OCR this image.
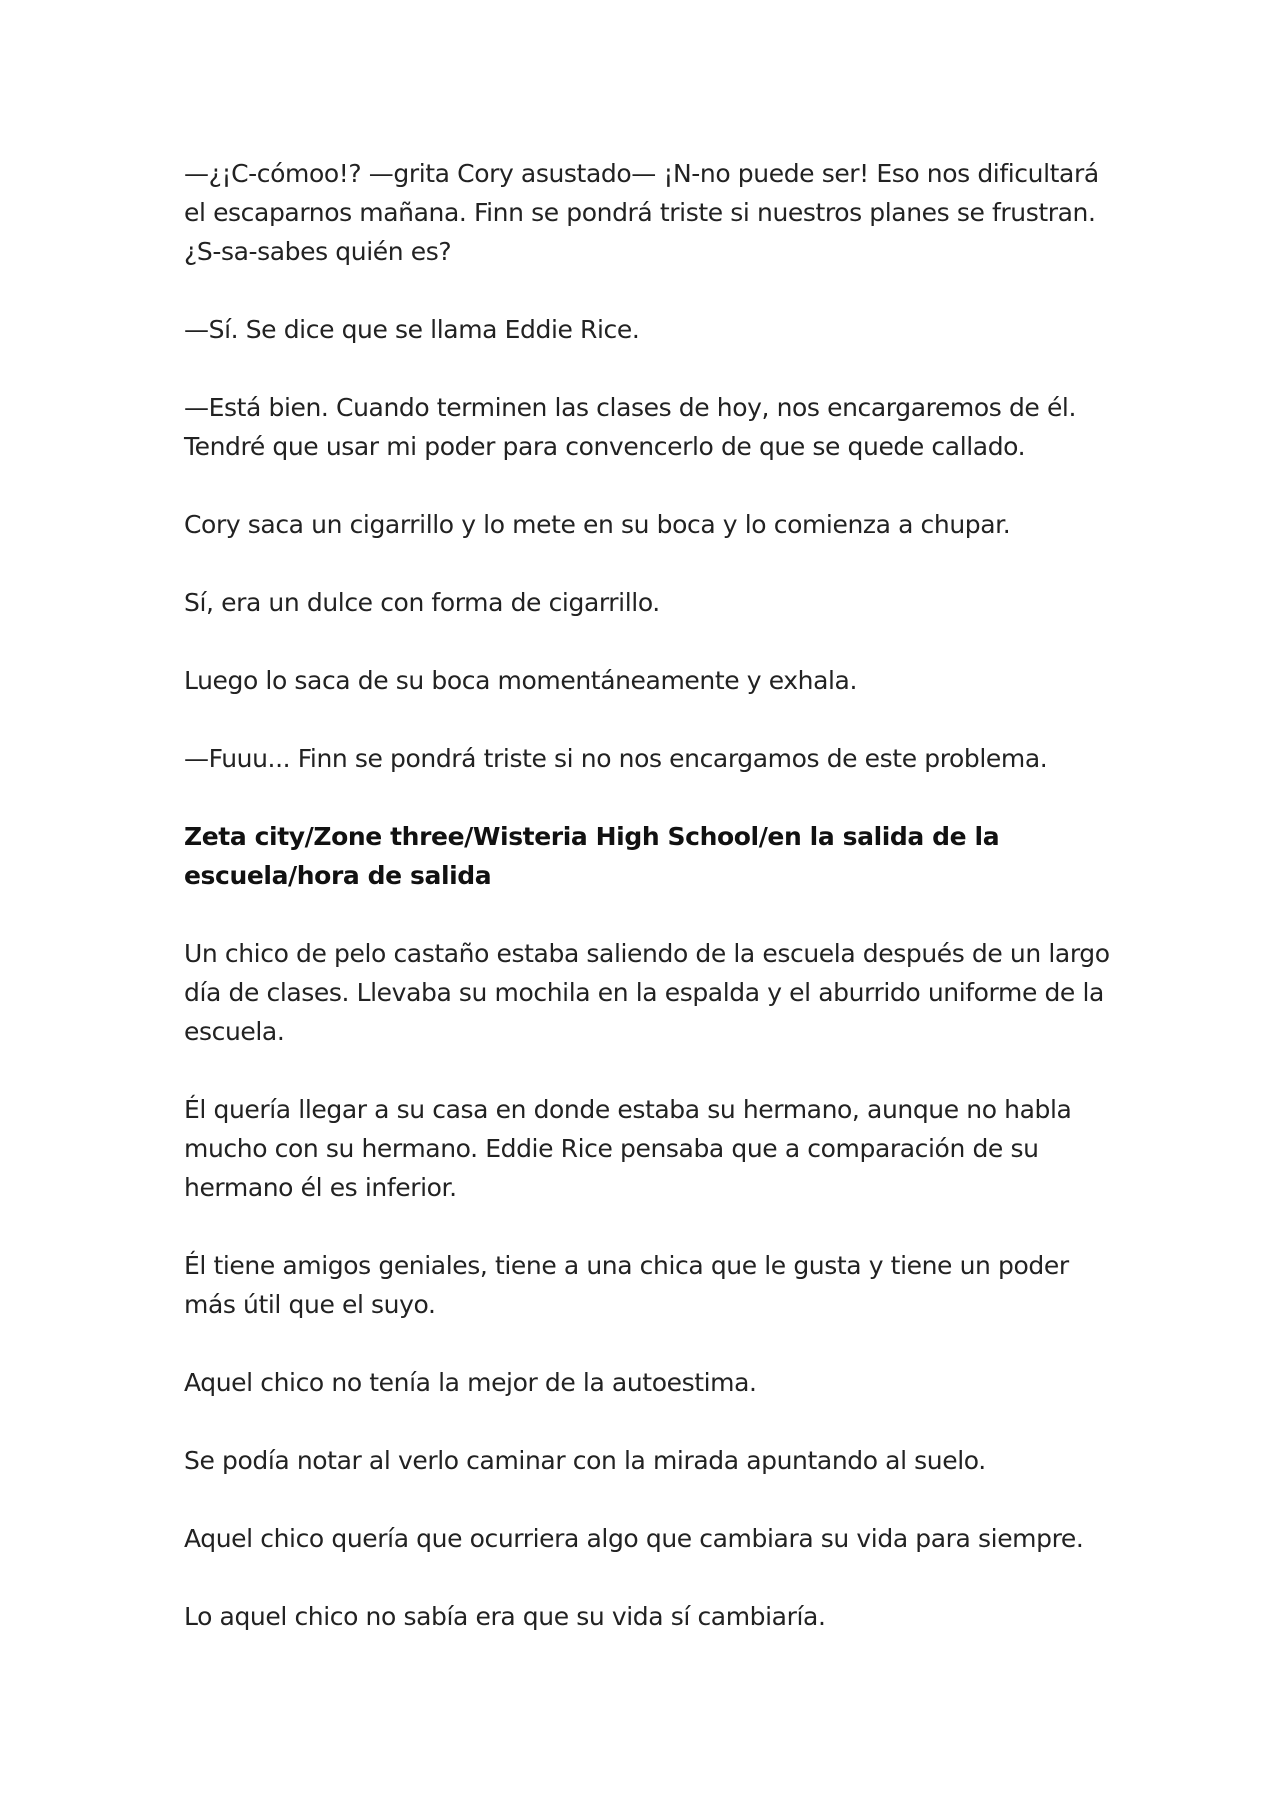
—¿¡C-cómoo!? —grita Cory asustado— ¡N-no puede ser! Eso nos dificultará el escaparnos mañana. Finn se pondrá triste si nuestros planes se frustran. ¿S-sa-sabes quién es?

—Sí. Se dice que se llama Eddie Rice.

—Está bien. Cuando terminen las clases de hoy, nos encargaremos de él. Tendré que usar mi poder para convencerlo de que se quede callado.

Cory saca un cigarrillo y lo mete en su boca y lo comienza a chupar.

Sí, era un dulce con forma de cigarrillo.

Luego lo saca de su boca momentáneamente y exhala.

—Fuuu... Finn se pondrá triste si no nos encargamos de este problema.

Zeta city/Zone three/Wisteria High School/en la salida de la escuela/hora de salida

Un chico de pelo castaño estaba saliendo de la escuela después de un largo día de clases. Llevaba su mochila en la espalda y el aburrido uniforme de la escuela.

Él quería llegar a su casa en donde estaba su hermano, aunque no habla mucho con su hermano. Eddie Rice pensaba que a comparación de su hermano él es inferior.

Él tiene amigos geniales, tiene a una chica que le gusta y tiene un poder más útil que el suyo.

Aquel chico no tenía la mejor de la autoestima.

Se podía notar al verlo caminar con la mirada apuntando al suelo.

Aquel chico quería que ocurriera algo que cambiara su vida para siempre.

Lo aquel chico no sabía era que su vida sí cambiaría.
